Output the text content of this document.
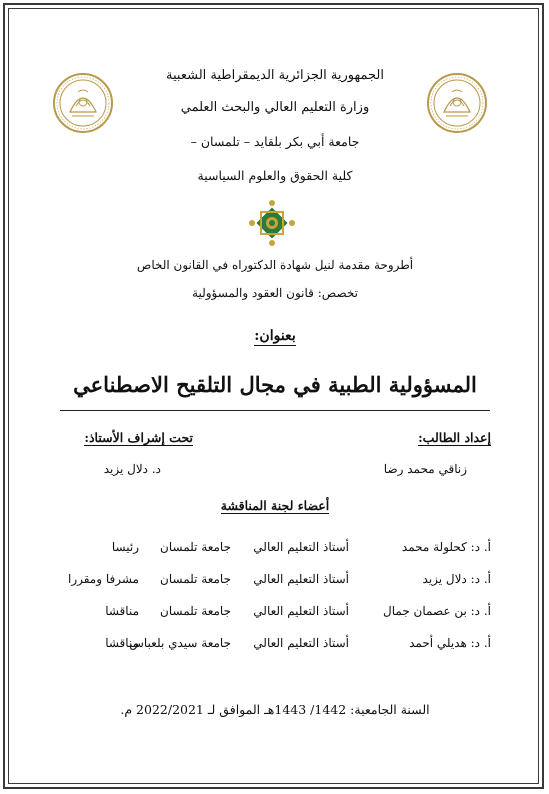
الجمهورية الجزائرية الديمقراطية الشعبية
وزارة التعليم العالي والبحث العلمي
جامعة أبي بكر بلقايد – تلمسان –
كلية الحقوق والعلوم السياسية
أطروحة مقدمة لنيل شهادة الدكتوراه في القانون الخاص
تخصص: قانون العقود والمسؤولية
بعنوان:
المسؤولية الطبية في مجال التلقيح الاصطناعي
إعداد الطالب:
تحت إشراف الأستاذ:
زناقي محمد رضا
د. دلال يزيد
أعضاء لجنة المناقشة
أ. د: كحلولة محمد
أستاذ التعليم العالي
جامعة تلمسان
رئيسا
أ. د: دلال يزيد
أستاذ التعليم العالي
جامعة تلمسان
مشرفا ومقررا
أ. د: بن عصمان جمال
أستاذ التعليم العالي
جامعة تلمسان
مناقشا
أ. د: هديلي أحمد
أستاذ التعليم العالي
جامعة سيدي بلعباس
مناقشا
السنة الجامعية: 1442/ 1443هـ الموافق لـ 2022/2021 م.
